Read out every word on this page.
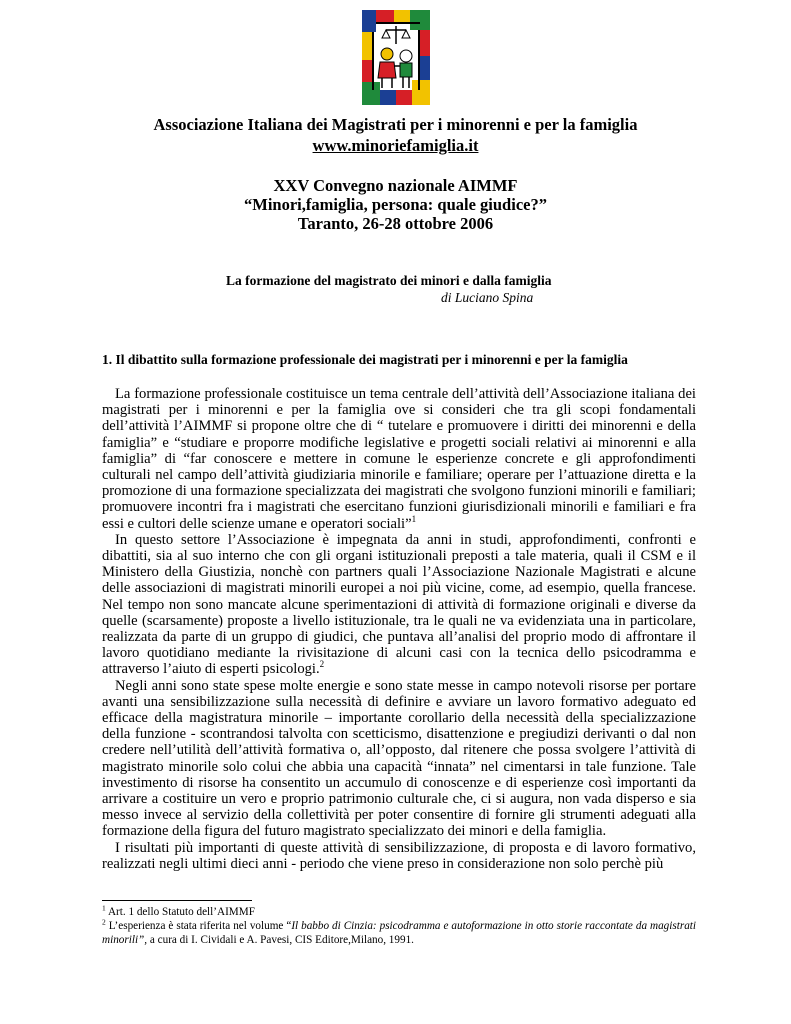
Associazione Italiana dei Magistrati per i minorenni e per la famiglia
www.minoriefamiglia.it
XXV Convegno nazionale AIMMF
“Minori,famiglia, persona: quale giudice?”
Taranto, 26-28 ottobre 2006
La formazione del magistrato dei minori e dalla famiglia
di Luciano Spina
1. Il dibattito sulla formazione professionale dei magistrati per i minorenni e per la famiglia

La formazione professionale costituisce un tema centrale dell’attività dell’Associazione italiana dei magistrati per i minorenni e per la famiglia ove si consideri che tra gli scopi fondamentali dell’attività l’AIMMF si propone oltre che di “ tutelare e promuovere i diritti dei minorenni e della famiglia” e “studiare e proporre modifiche legislative e progetti sociali relativi ai minorenni e alla famiglia” di “far conoscere e mettere in comune le esperienze concrete e gli approfondimenti culturali nel campo dell’attività giudiziaria minorile e familiare; operare per l’attuazione diretta e la promozione di una formazione specializzata dei magistrati che svolgono funzioni minorili e familiari; promuovere incontri fra i magistrati che esercitano funzioni giurisdizionali minorili e familiari e fra essi e cultori delle scienze umane e operatori sociali”$^1$

In questo settore l’Associazione è impegnata da anni in studi, approfondimenti, confronti e dibattiti, sia al suo interno che con gli organi istituzionali preposti a tale materia, quali il CSM e il Ministero della Giustizia, nonchè con partners quali l’Associazione Nazionale Magistrati e alcune delle associazioni di magistrati minorili europei a noi più vicine, come, ad esempio, quella francese. Nel tempo non sono mancate alcune sperimentazioni di attività di formazione originali e diverse da quelle (scarsamente) proposte a livello istituzionale, tra le quali ne va evidenziata una in particolare, realizzata da parte di un gruppo di giudici, che puntava all’analisi del proprio modo di affrontare il lavoro quotidiano mediante la rivisitazione di alcuni casi con la tecnica dello psicodramma e attraverso l’aiuto di esperti psicologi.$^2$

Negli anni sono state spese molte energie e sono state messe in campo notevoli risorse per portare avanti una sensibilizzazione sulla necessità di definire e avviare un lavoro formativo adeguato ed efficace della magistratura minorile – importante corollario della necessità della specializzazione della funzione - scontrandosi talvolta con scetticismo, disattenzione e pregiudizi derivanti o dal non credere nell’utilità dell’attività formativa o, all’opposto, dal ritenere che possa svolgere l’attività di magistrato minorile solo colui che abbia una capacità “innata” nel cimentarsi in tale funzione. Tale investimento di risorse ha consentito un accumulo di conoscenze e di esperienze così importanti da arrivare a costituire un vero e proprio patrimonio culturale che, ci si augura, non vada disperso e sia messo invece al servizio della collettività per poter consentire di fornire gli strumenti adeguati alla formazione della figura del futuro magistrato specializzato dei minori e della famiglia.

I risultati più importanti di queste attività di sensibilizzazione, di proposta e di lavoro formativo, realizzati negli ultimi dieci anni - periodo che viene preso in considerazione non solo perchè più

$^1$ Art. 1 dello Statuto dell’AIMMF

$^2$ L’esperienza è stata riferita nel volume “Il babbo di Cinzia: psicodramma e autoformazione in otto storie raccontate da magistrati minorili”, a cura di I. Cividali e A. Pavesi, CIS Editore,Milano, 1991.
